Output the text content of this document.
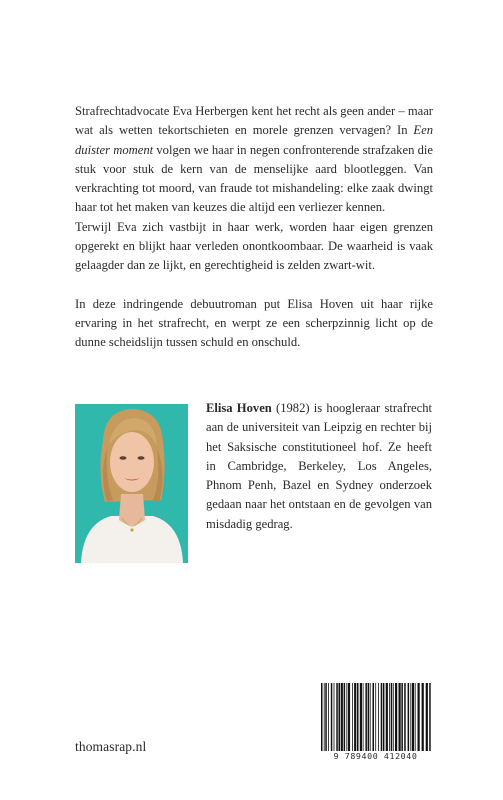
Strafrechtadvocate Eva Herbergen kent het recht als geen ander – maar wat als wetten tekortschieten en morele grenzen vervagen? In Een duister moment volgen we haar in negen confronterende strafzaken die stuk voor stuk de kern van de menselijke aard blootleggen. Van verkrachting tot moord, van fraude tot mishandeling: elke zaak dwingt haar tot het maken van keuzes die altijd een verliezer kennen.

Terwijl Eva zich vastbijt in haar werk, worden haar eigen grenzen opgerekt en blijkt haar verleden onontkoombaar. De waarheid is vaak gelaagder dan ze lijkt, en gerechtigheid is zelden zwart-wit.

In deze indringende debuutroman put Elisa Hoven uit haar rijke ervaring in het strafrecht, en werpt ze een scherpzinnig licht op de dunne scheidslijn tussen schuld en onschuld.

Elisa Hoven (1982) is hoogleraar strafrecht aan de universiteit van Leipzig en rechter bij het Saksische constitutioneel hof. Ze heeft in Cambridge, Berkeley, Los Angeles, Phnom Penh, Bazel en Sydney onderzoek gedaan naar het ontstaan en de gevolgen van misdadig gedrag.
thomasrap.nl
9 789400 412040
